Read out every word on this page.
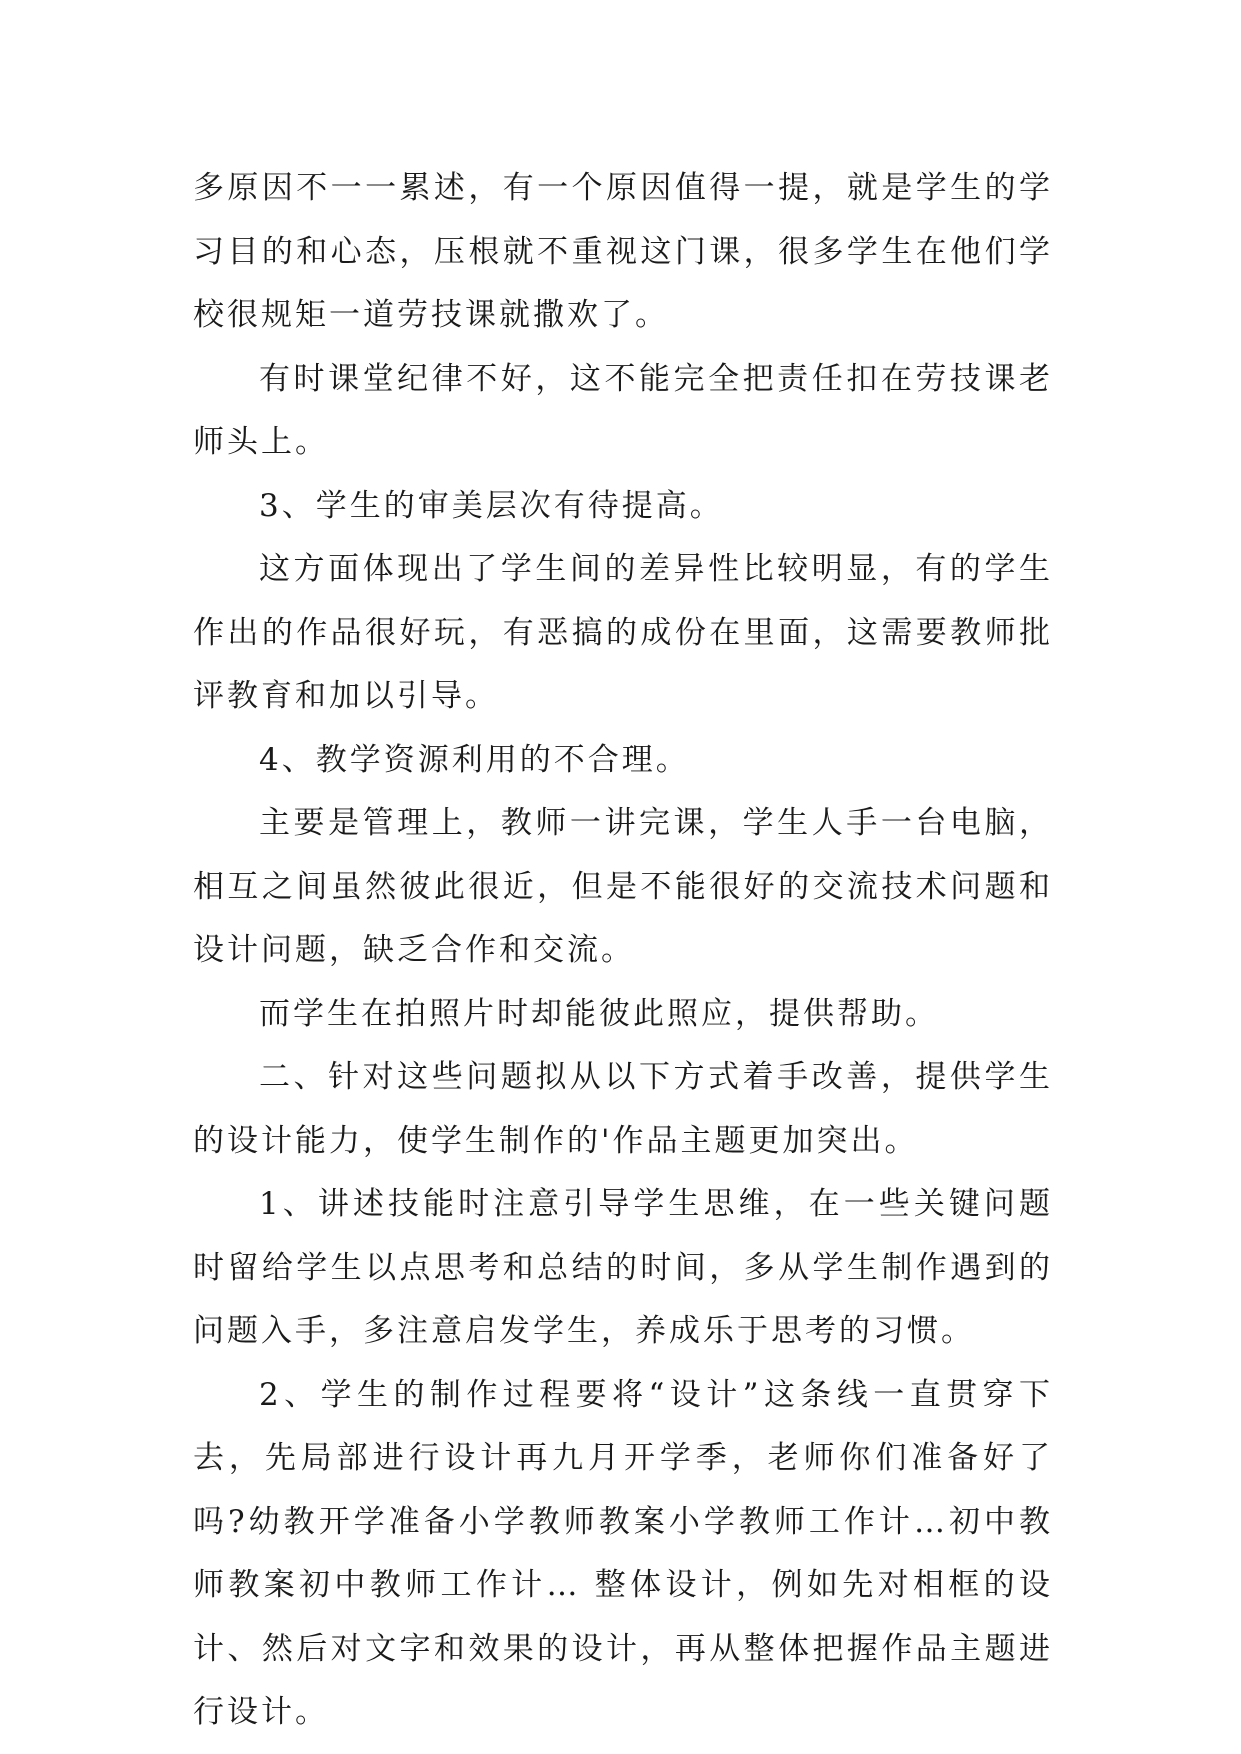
多原因不一一累述，有一个原因值得一提，就是学生的学习目的和心态，压根就不重视这门课，很多学生在他们学校很规矩一道劳技课就撒欢了。

有时课堂纪律不好，这不能完全把责任扣在劳技课老师头上。

3、学生的审美层次有待提高。

这方面体现出了学生间的差异性比较明显，有的学生作出的作品很好玩，有恶搞的成份在里面，这需要教师批评教育和加以引导。

4、教学资源利用的不合理。

主要是管理上，教师一讲完课，学生人手一台电脑，相互之间虽然彼此很近，但是不能很好的交流技术问题和设计问题，缺乏合作和交流。

而学生在拍照片时却能彼此照应，提供帮助。

二、针对这些问题拟从以下方式着手改善，提供学生的设计能力，使学生制作的'作品主题更加突出。

1、讲述技能时注意引导学生思维，在一些关键问题时留给学生以点思考和总结的时间，多从学生制作遇到的问题入手，多注意启发学生，养成乐于思考的习惯。

2、学生的制作过程要将“设计”这条线一直贯穿下去，先局部进行设计再九月开学季，老师你们准备好了吗?幼教开学准备小学教师教案小学教师工作计…初中教师教案初中教师工作计… 整体设计，例如先对相框的设计、然后对文字和效果的设计，再从整体把握作品主题进行设计。
